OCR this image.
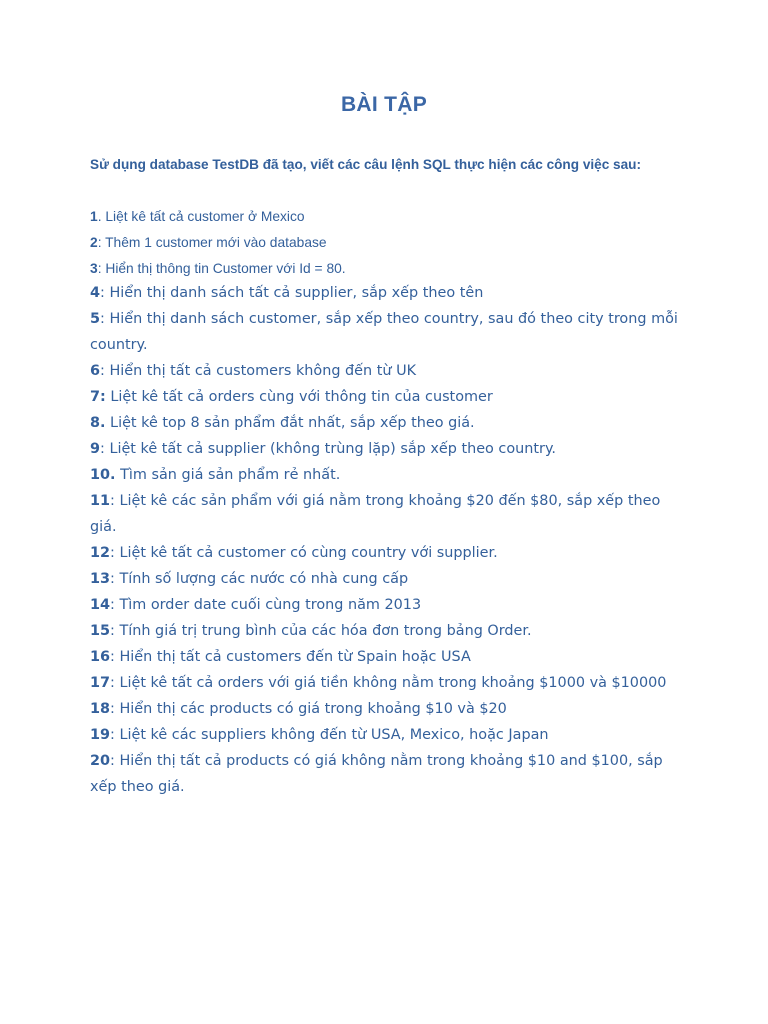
BÀI TẬP
Sử dụng database TestDB đã tạo, viết các câu lệnh SQL thực hiện các công việc sau:
1. Liệt kê tất cả customer ở Mexico
2: Thêm 1 customer mới vào database
3: Hiển thị thông tin Customer với Id = 80.
4: Hiển thị danh sách tất cả supplier, sắp xếp theo tên
5: Hiển thị danh sách customer, sắp xếp theo country, sau đó theo city trong mỗi country.
6: Hiển thị tất cả customers không đến từ UK
7: Liệt kê tất cả orders cùng với thông tin của customer
8. Liệt kê top 8 sản phẩm đắt nhất, sắp xếp theo giá.
9: Liệt kê tất cả supplier (không trùng lặp) sắp xếp theo country.
10. Tìm sản giá sản phẩm rẻ nhất.
11: Liệt kê các sản phẩm với giá nằm trong khoảng $20 đến $80, sắp xếp theo giá.
12: Liệt kê tất cả customer có cùng country với supplier.
13: Tính số lượng các nước có nhà cung cấp
14: Tìm order date cuối cùng trong năm 2013
15: Tính giá trị trung bình của các hóa đơn trong bảng Order.
16: Hiển thị tất cả customers đến từ Spain hoặc USA
17: Liệt kê tất cả orders với giá tiền không nằm trong khoảng $1000 và $10000
18: Hiển thị các products có giá trong khoảng $10 và $20
19: Liệt kê các suppliers không đến từ USA, Mexico, hoặc Japan
20: Hiển thị tất cả products có giá không nằm trong khoảng $10 and $100, sắp xếp theo giá.
